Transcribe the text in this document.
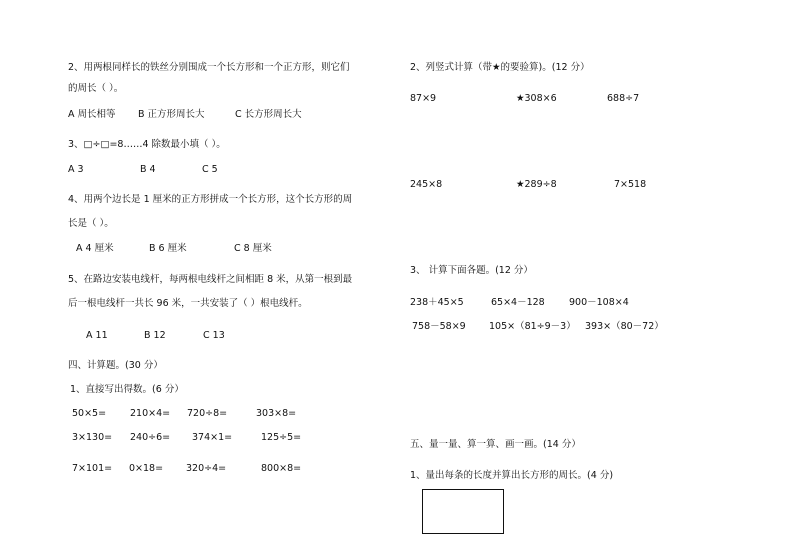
2、用两根同样长的铁丝分别围成一个长方形和一个正方形，则它们
的周长（ ）。
A 周长相等 B 正方形周长大	C 长方形周长大
3、□÷□=8……4 除数最小填（ ）。
A 3	B 4	C 5
4、用两个边长是 1 厘米的正方形拼成一个长方形，这个长方形的周
长是（ ）。
A 4 厘米	B 6 厘米	C 8 厘米
5、在路边安装电线杆，每两根电线杆之间相距 8 米，从第一根到最
后一根电线杆一共长 96 米，一共安装了（ ）根电线杆。
A 11	B 12	C 13
四、计算题。(30 分）
1、直接写出得数。(6 分）
50×5=	210×4= 720÷8=	303×8=
3×130= 240÷6= 374×1=	125÷5=
7×101= 0×18= 320÷4=	800×8=
2、列竖式计算（带★的要验算)。(12 分）
87×9	★308×6	688÷7
245×8	★289÷8	7×518
3、 计算下面各题。(12 分）
238＋45×5	65×4－128	900－108×4
758－58×9 105×（81÷9－3） 393×（80－72）
五、量一量、算一算、画一画。(14 分）
1、量出每条的长度并算出长方形的周长。(4 分)
